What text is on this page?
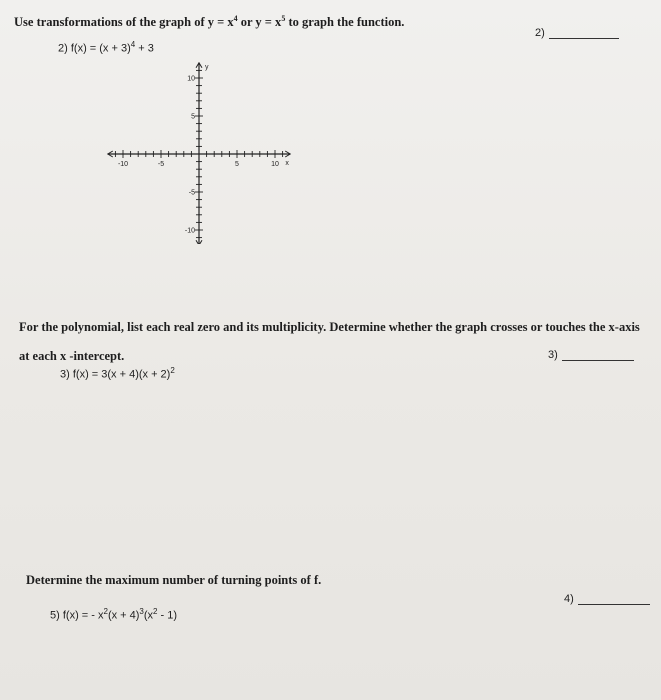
Use transformations of the graph of $y = x^4$ or $y = x^5$ to graph the function.
2) $f(x) = (x + 3)^4 + 3$
2)
-10	-5	5	10 x
10
5
-5
-10
y
For the polynomial, list each real zero and its multiplicity. Determine whether the graph crosses or touches the x-axis
at each x -intercept.	3)
3) $f(x) = 3(x + 4)(x + 2)^2$
Determine the maximum number of turning points of f.
4)
5) f(x) = - $x^2(x + 4)^3(x^2 - 1)$
